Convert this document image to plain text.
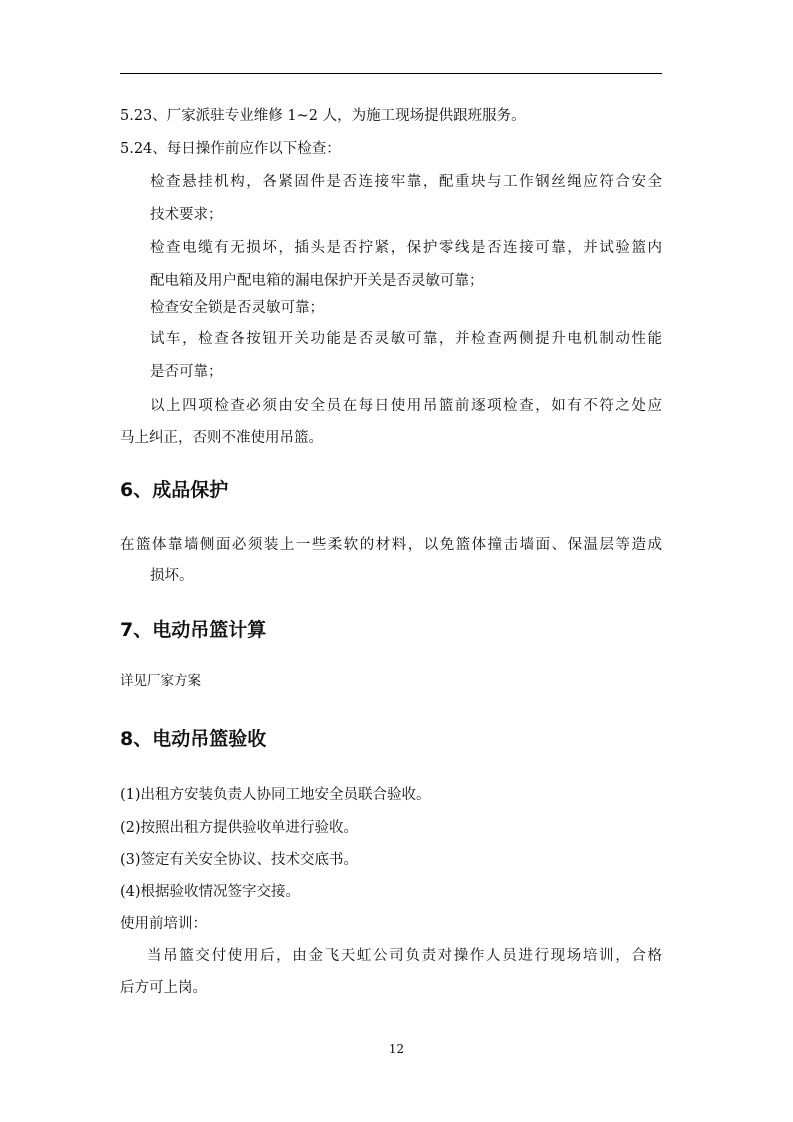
5.23、厂家派驻专业维修 1~2 人，为施工现场提供跟班服务。
5.24、每日操作前应作以下检查：
检查悬挂机构，各紧固件是否连接牢靠，配重块与工作钢丝绳应符合安全
技术要求；
检查电缆有无损坏，插头是否拧紧，保护零线是否连接可靠，并试验篮内
配电箱及用户配电箱的漏电保护开关是否灵敏可靠；
检查安全锁是否灵敏可靠；
试车，检查各按钮开关功能是否灵敏可靠，并检查两侧提升电机制动性能
是否可靠；
以上四项检查必须由安全员在每日使用吊篮前逐项检查，如有不符之处应
马上纠正，否则不准使用吊篮。
6、成品保护
在篮体靠墙侧面必须装上一些柔软的材料，以免篮体撞击墙面、保温层等造成
损坏。
7、电动吊篮计算
详见厂家方案
8、电动吊篮验收
(1)出租方安装负责人协同工地安全员联合验收。
(2)按照出租方提供验收单进行验收。
(3)签定有关安全协议、技术交底书。
(4)根据验收情况签字交接。
使用前培训：
当吊篮交付使用后，由金飞天虹公司负责对操作人员进行现场培训，合格
后方可上岗。
12
